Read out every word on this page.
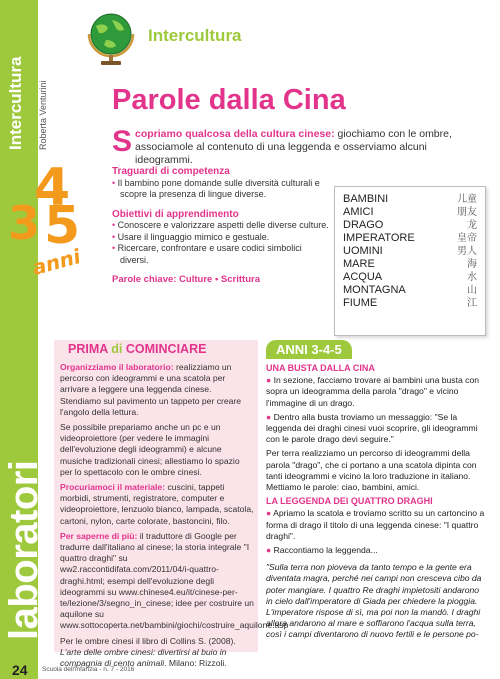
Intercultura Roberta Venturini
laboratori
4
3 5
anni
Intercultura
Parole dalla Cina
Scopriamo qualcosa della cultura cinese: giochiamo con le ombre, associamole al contenuto di una leggenda e osserviamo alcuni ideogrammi.
Traguardi di competenza
• Il bambino pone domande sulle diversità culturali e scopre la presenza di lingue diverse.
Obiettivi di apprendimento
• Conoscere e valorizzare aspetti delle diverse culture.
• Usare il linguaggio mimico e gestuale.
• Ricercare, confrontare e usare codici simbolici diversi.
Parole chiave: Culture • Scrittura
BAMBINI	儿童
AMICI	朋友
DRAGO	龙
IMPERATORE	皇帝
UOMINI	男人
MARE	海
ACQUA	水
MONTAGNA	山
FIUME	江
PRIMA di COMINCIARE

Organizziamo il laboratorio: realizziamo un percorso con ideogrammi e una scatola per arrivare a leggere una leggenda cinese. Stendiamo sul pavimento un tappeto per creare l'angolo della lettura.

Se possibile prepariamo anche un pc e un videoproiettore (per vedere le immagini dell'evoluzione degli ideogrammi) e alcune musiche tradizionali cinesi; allestiamo lo spazio per lo spettacolo con le ombre cinesi.

Procuriamoci il materiale: cuscini, tappeti morbidi, strumenti, registratore, computer e videoproiettore, lenzuolo bianco, lampada, scatola, cartoni, nylon, carte colorate, bastoncini, filo.

Per saperne di più: il traduttore di Google per tradurre dall'italiano al cinese; la storia integrale "I quattro draghi" su ww2.raccontidifata.com/2011/04/i-quattro-draghi.html; esempi dell'evoluzione degli ideogrammi su www.chinese4.eu/it/cinese-per-te/lezione/3/segno_in_cinese; idee per costruire un aquilone su www.sottocoperta.net/bambini/giochi/costruire_aquilone.asp

Per le ombre cinesi il libro di Collins S. (2008). L'arte delle ombre cinesi: divertirsi al buio in compagnia di cento animali. Milano: Rizzoli.

ANNI 3-4-5
UNA BUSTA DALLA CINA

● In sezione, facciamo trovare ai bambini una busta con sopra un ideogramma della parola "drago" e vicino l'immagine di un drago.

● Dentro alla busta troviamo un messaggio: "Se la leggenda dei draghi cinesi vuoi scoprire, gli ideogrammi con le parole drago devi seguire."

Per terra realizziamo un percorso di ideogrammi della parola "drago", che ci portano a una scatola dipinta con tanti ideogrammi e vicino la loro traduzione in italiano. Mettiamo le parole: ciao, bambini, amici.

LA LEGGENDA DEI QUATTRO DRAGHI

● Apriamo la scatola e troviamo scritto su un cartoncino a forma di drago il titolo di una leggenda cinese: "I quattro draghi".

● Raccontiamo la leggenda...

"Sulla terra non pioveva da tanto tempo e la gente era diventata magra, perché nei campi non cresceva cibo da poter mangiare. I quattro Re draghi impietositi andarono in cielo dall'imperatore di Giada per chiedere la pioggia. L'imperatore rispose di sì, ma poi non la mandò. I draghi allora andarono al mare e soffiarono l'acqua sulla terra, così i campi diventarono di nuovo fertili e le persone po-

24 Scuola dell'infanzia - n. 7 - 2016
